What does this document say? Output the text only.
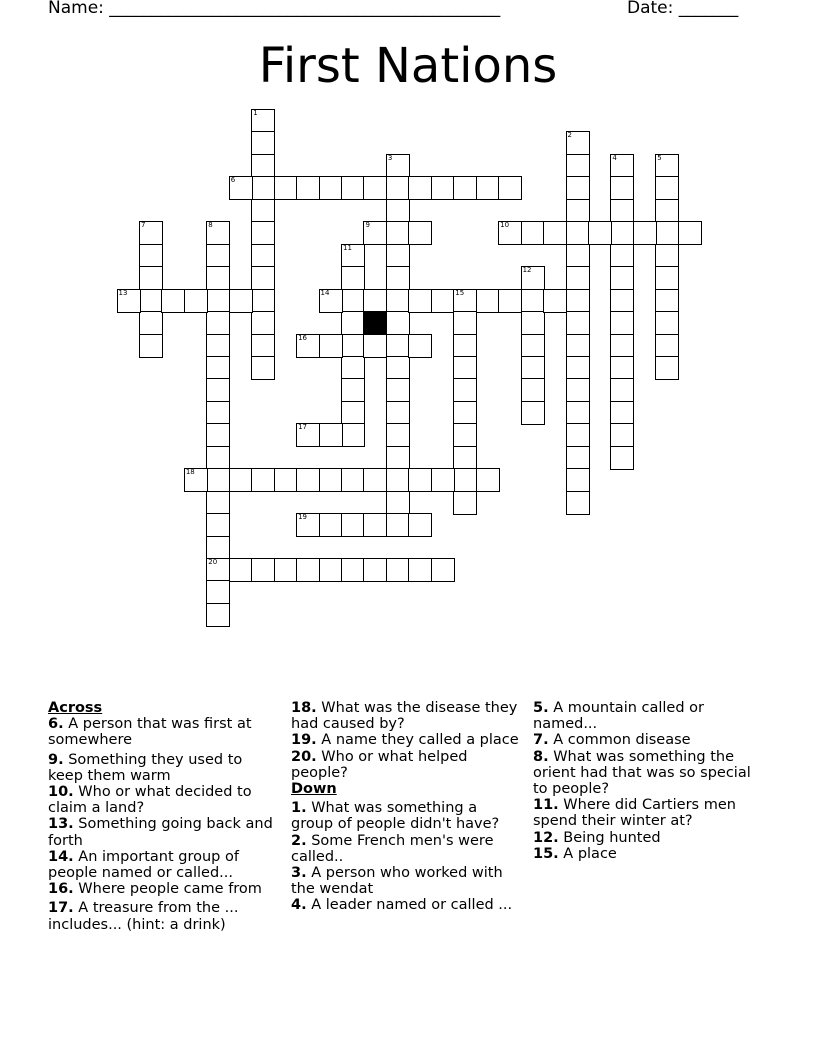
Name: ______________________________________________	Date: _______
First Nations
1
2
3	4	5
6
7	8
20
9	10
11
12
13	14	15
16
17
18
19
Across
6. A person that was first at somewhere
9. Something they used to keep them warm
10. Who or what decided to claim a land?
13. Something going back and forth
14. An important group of people named or called...
16. Where people came from
17. A treasure from the ... includes... (hint: a drink)
18. What was the disease they had caused by?
19. A name they called a place
20. Who or what helped people?
Down
1. What was something a group of people didn't have?
2. Some French men's were called..
3. A person who worked with the wendat
4. A leader named or called ...
5. A mountain called or named...
7. A common disease
8. What was something the orient had that was so special to people?
11. Where did Cartiers men spend their winter at?
12. Being hunted
15. A place
